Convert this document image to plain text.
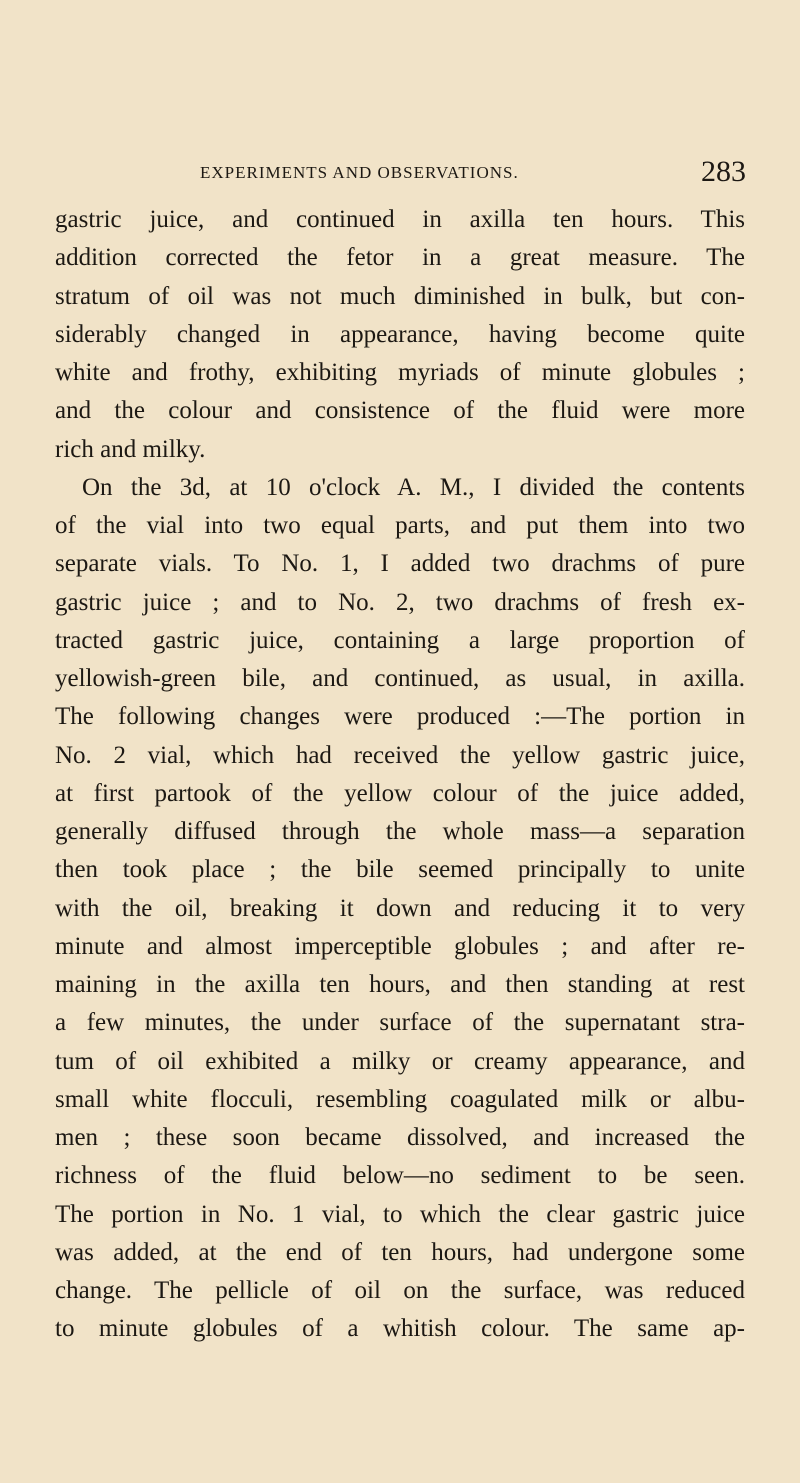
EXPERIMENTS AND OBSERVATIONS.	283
gastric juice, and continued in axilla ten hours. This
addition corrected the fetor in a great measure. The
stratum of oil was not much diminished in bulk, but con-
siderably changed in appearance, having become quite
white and frothy, exhibiting myriads of minute globules ;
and the colour and consistence of the fluid were more
rich and milky.
On the 3d, at 10 o'clock A. M., I divided the contents
of the vial into two equal parts, and put them into two
separate vials. To No. 1, I added two drachms of pure
gastric juice ; and to No. 2, two drachms of fresh ex-
tracted gastric juice, containing a large proportion of
yellowish-green bile, and continued, as usual, in axilla.
The following changes were produced :—The portion in
No. 2 vial, which had received the yellow gastric juice,
at first partook of the yellow colour of the juice added,
generally diffused through the whole mass—a separation
then took place ; the bile seemed principally to unite
with the oil, breaking it down and reducing it to very
minute and almost imperceptible globules ; and after re-
maining in the axilla ten hours, and then standing at rest
a few minutes, the under surface of the supernatant stra-
tum of oil exhibited a milky or creamy appearance, and
small white flocculi, resembling coagulated milk or albu-
men ; these soon became dissolved, and increased the
richness of the fluid below—no sediment to be seen.
The portion in No. 1 vial, to which the clear gastric juice
was added, at the end of ten hours, had undergone some
change. The pellicle of oil on the surface, was reduced
to minute globules of a whitish colour. The same ap-
